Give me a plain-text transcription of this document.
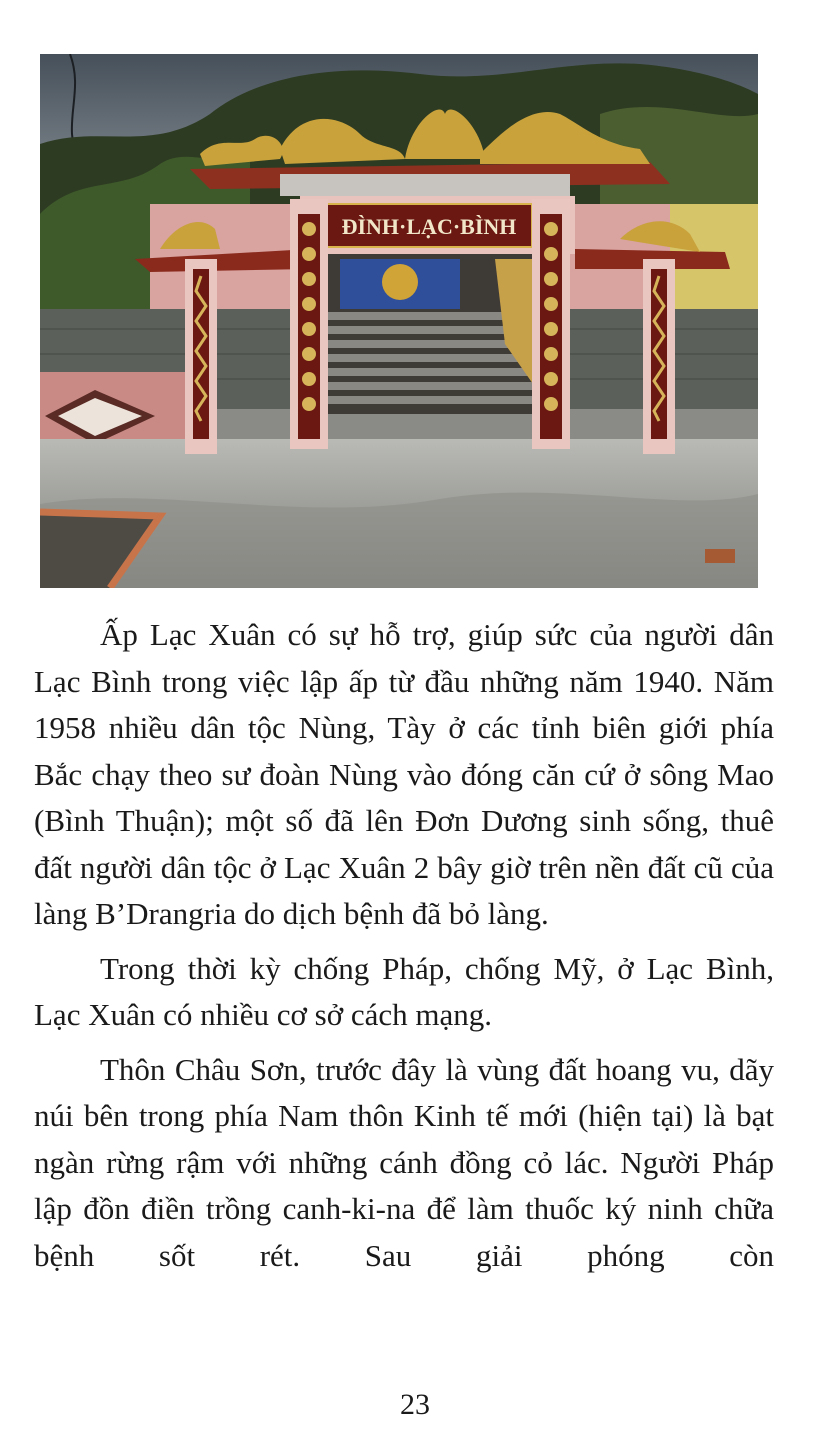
ĐÌNH·LẠC·BÌNH

Ấp Lạc Xuân có sự hỗ trợ, giúp sức của người dân Lạc Bình trong việc lập ấp từ đầu những năm 1940. Năm 1958 nhiều dân tộc Nùng, Tày ở các tỉnh biên giới phía Bắc chạy theo sư đoàn Nùng vào đóng căn cứ ở sông Mao (Bình Thuận); một số đã lên Đơn Dương sinh sống, thuê đất người dân tộc ở Lạc Xuân 2 bây giờ trên nền đất cũ của làng B’Drangria do dịch bệnh đã bỏ làng.

Trong thời kỳ chống Pháp, chống Mỹ, ở Lạc Bình, Lạc Xuân có nhiều cơ sở cách mạng.

Thôn Châu Sơn, trước đây là vùng đất hoang vu, dãy núi bên trong phía Nam thôn Kinh tế mới (hiện tại) là bạt ngàn rừng rậm với những cánh đồng cỏ lác. Người Pháp lập đồn điền trồng canh-ki-na để làm thuốc ký ninh chữa bệnh sốt rét. Sau giải phóng còn

23
